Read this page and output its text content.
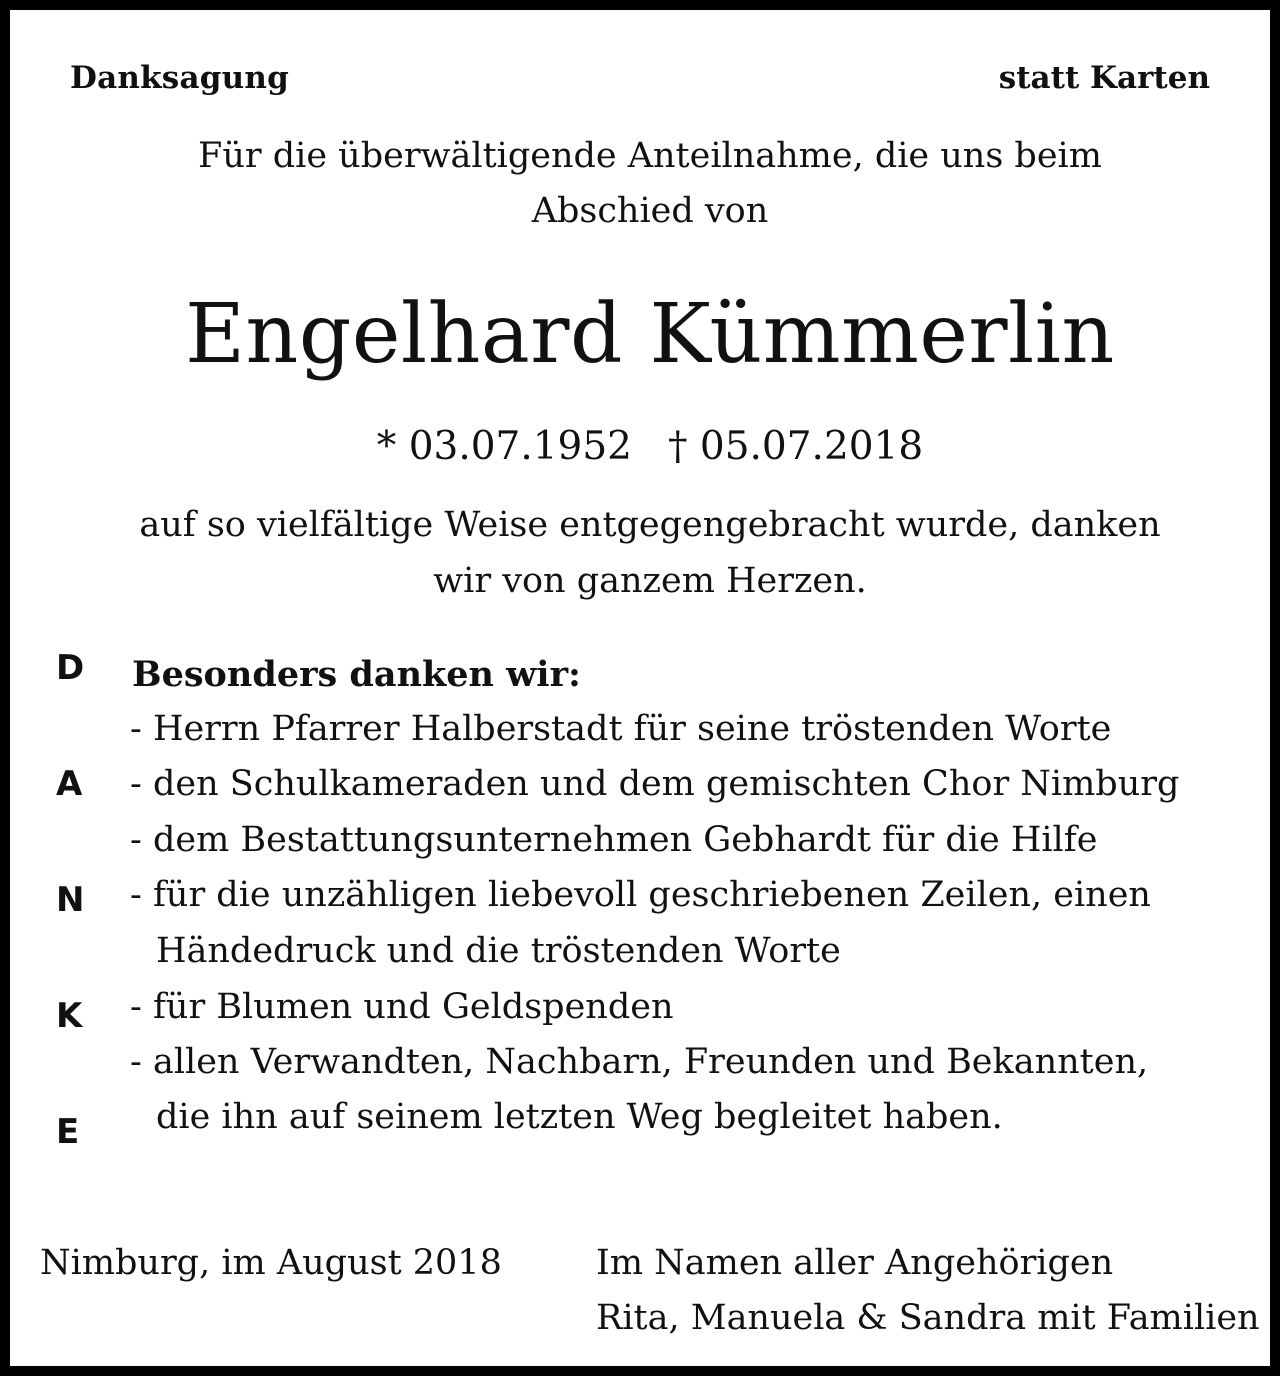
Danksagung	statt Karten
Für die überwältigende Anteilnahme, die uns beim
Abschied von
Engelhard Kümmerlin
* 03.07.1952 † 05.07.2018
auf so vielfältige Weise entgegengebracht wurde, danken
wir von ganzem Herzen.
D
A
N
K
E
Besonders danken wir:
- Herrn Pfarrer Halberstadt für seine tröstenden Worte
- den Schulkameraden und dem gemischten Chor Nimburg
- dem Bestattungsunternehmen Gebhardt für die Hilfe
- für die unzähligen liebevoll geschriebenen Zeilen, einen
Händedruck und die tröstenden Worte
- für Blumen und Geldspenden
- allen Verwandten, Nachbarn, Freunden und Bekannten,
die ihn auf seinem letzten Weg begleitet haben.
Nimburg, im August 2018	Im Namen aller Angehörigen
Rita, Manuela & Sandra mit Familien
